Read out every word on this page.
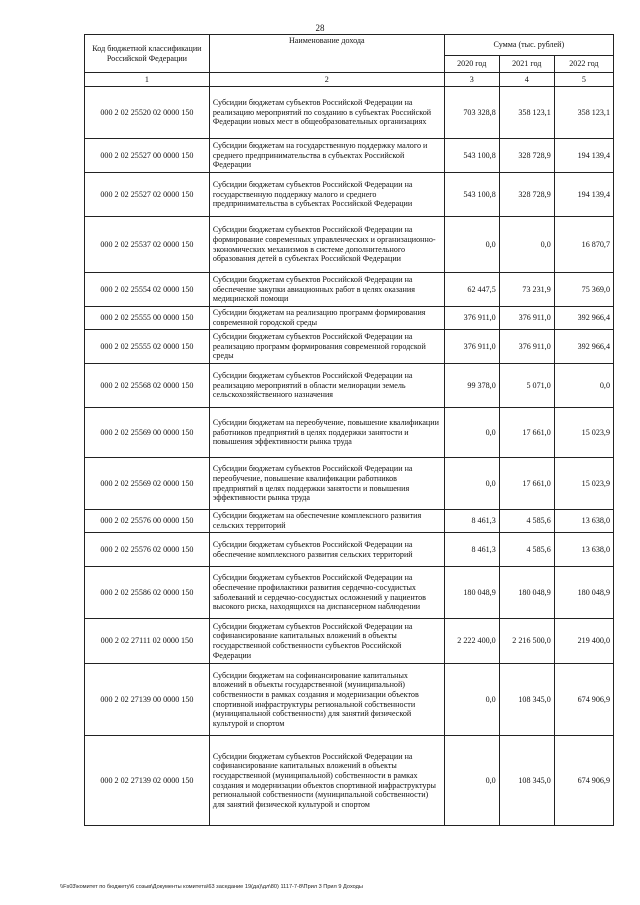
28
Код бюджетной классификации Российской Федерации	Наименование дохода	Сумма (тыс. рублей)		
		2020 год	2021 год	2022 год
1	2	3	4	5
000 2 02 25520 02 0000 150	Субсидии бюджетам субъектов Российской Федерации на реализацию мероприятий по созданию в субъектах Российской Федерации новых мест в общеобразовательных организациях	703 328,8	358 123,1	358 123,1
000 2 02 25527 00 0000 150	Субсидии бюджетам на государственную поддержку малого и среднего предпринимательства в субъектах Российской Федерации	543 100,8	328 728,9	194 139,4
000 2 02 25527 02 0000 150	Субсидии бюджетам субъектов Российской Федерации на государственную поддержку малого и среднего предпринимательства в субъектах Российской Федерации	543 100,8	328 728,9	194 139,4
000 2 02 25537 02 0000 150	Субсидии бюджетам субъектов Российской Федерации на формирование современных управленческих и организационно-экономических механизмов в системе дополнительного образования детей в субъектах Российской Федерации	0,0	0,0	16 870,7
000 2 02 25554 02 0000 150	Субсидии бюджетам субъектов Российской Федерации на обеспечение закупки авиационных работ в целях оказания медицинской помощи	62 447,5	73 231,9	75 369,0
000 2 02 25555 00 0000 150	Субсидии бюджетам на реализацию программ формирования современной городской среды	376 911,0	376 911,0	392 966,4
000 2 02 25555 02 0000 150	Субсидии бюджетам субъектов Российской Федерации на реализацию программ формирования современной городской среды	376 911,0	376 911,0	392 966,4
000 2 02 25568 02 0000 150	Субсидии бюджетам субъектов Российской Федерации на реализацию мероприятий в области мелиорации земель сельскохозяйственного назначения	99 378,0	5 071,0	0,0
000 2 02 25569 00 0000 150	Субсидии бюджетам на переобучение, повышение квалификации работников предприятий в целях поддержки занятости и повышения эффективности рынка труда	0,0	17 661,0	15 023,9
000 2 02 25569 02 0000 150	Субсидии бюджетам субъектов Российской Федерации на переобучение, повышение квалификации работников предприятий в целях поддержки занятости и повышения эффективности рынка труда	0,0	17 661,0	15 023,9
000 2 02 25576 00 0000 150	Субсидии бюджетам на обеспечение комплексного развития сельских территорий	8 461,3	4 585,6	13 638,0
000 2 02 25576 02 0000 150	Субсидии бюджетам субъектов Российской Федерации на обеспечение комплексного развития сельских территорий	8 461,3	4 585,6	13 638,0
000 2 02 25586 02 0000 150	Субсидии бюджетам субъектов Российской Федерации на обеспечение профилактики развития сердечно-сосудистых заболеваний и сердечно-сосудистых осложнений у пациентов высокого риска, находящихся на диспансерном наблюдении	180 048,9	180 048,9	180 048,9
000 2 02 27111 02 0000 150	Субсидии бюджетам субъектов Российской Федерации на софинансирование капитальных вложений в объекты государственной собственности субъектов Российской Федерации	2 222 400,0	2 216 500,0	219 400,0
000 2 02 27139 00 0000 150	Субсидии бюджетам на софинансирование капитальных вложений в объекты государственной (муниципальной) собственности в рамках создания и модернизации объектов спортивной инфраструктуры региональной собственности (муниципальной собственности) для занятий физической культурой и спортом	0,0	108 345,0	674 906,9
000 2 02 27139 02 0000 150	Субсидии бюджетам субъектов Российской Федерации на софинансирование капитальных вложений в объекты государственной (муниципальной) собственности в рамках создания и модернизации объектов спортивной инфраструктуры региональной собственности (муниципальной собственности) для занятий физической культурой и спортом	0,0	108 345,0	674 906,9
\\Fs03\комитет по бюджету\6 созыв\Документы комитета\63 заседание 19(да)\дл\80) 1117-7-8\Прил 3 Прил 9 Доходы
